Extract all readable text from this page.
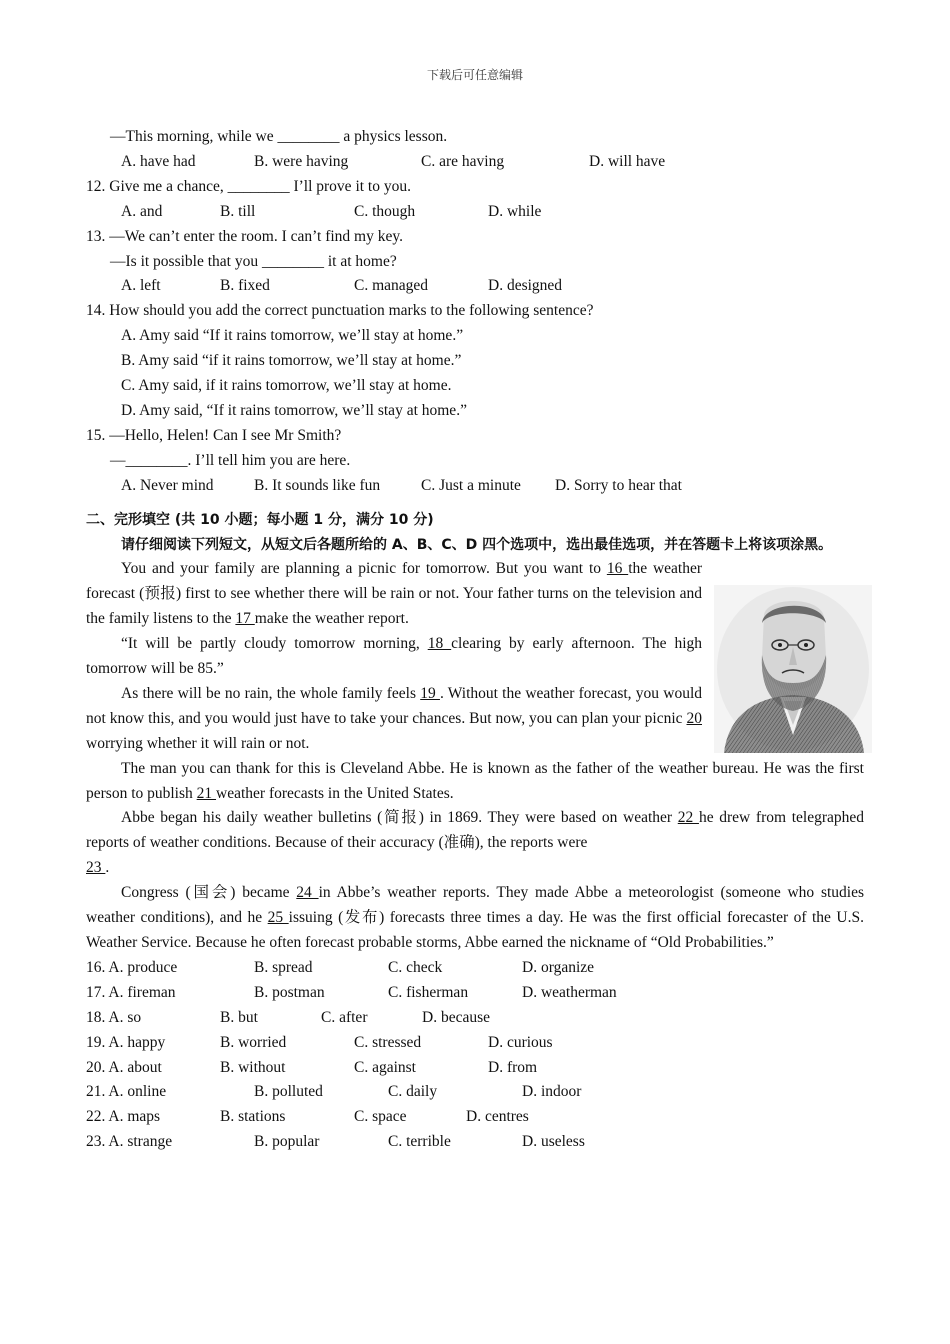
下载后可任意编辑
—This morning, while we ________ a physics lesson.
A. have had	B. were having	C. are having	D. will have
12. Give me a chance, ________ I’ll prove it to you.
A. and	B. till	C. though	D. while
13. —We can’t enter the room. I can’t find my key.
—Is it possible that you ________ it at home?
A. left	B. fixed	C. managed	D. designed
14. How should you add the correct punctuation marks to the following sentence?
A. Amy said “If it rains tomorrow, we’ll stay at home.”
B. Amy said “if it rains tomorrow, we’ll stay at home.”
C. Amy said, if it rains tomorrow, we’ll stay at home.
D. Amy said, “If it rains tomorrow, we’ll stay at home.”
15. —Hello, Helen! Can I see Mr Smith?
—________. I’ll tell him you are here.
A. Never mind	B. It sounds like fun	C. Just a minute D. Sorry to hear that
二、完形填空 (共 10 小题；每小题 1 分，满分 10 分)
请仔细阅读下列短文，从短文后各题所给的 A、B、C、D 四个选项中，选出最佳选项，并在答题卡上将该项涂黑。

You and your family are planning a picnic for tomorrow. But you want to 16 the weather forecast (预报) first to see whether there will be rain or not. Your father turns on the television and the family listens to the 17 make the weather report.

“It will be partly cloudy tomorrow morning, 18 clearing by early afternoon. The high tomorrow will be 85.”

As there will be no rain, the whole family feels 19 . Without the weather forecast, you would not know this, and you would just have to take your chances. But now, you can plan your picnic 20 worrying whether it will rain or not.

The man you can thank for this is Cleveland Abbe. He is known as the father of the weather bureau. He was the first person to publish 21 weather forecasts in the United States.

Abbe began his daily weather bulletins (简报) in 1869. They were based on weather 22 he drew from telegraphed reports of weather conditions. Because of their accuracy (准确), the reports were
23 .

Congress (国会) became 24 in Abbe’s weather reports. They made Abbe a meteorologist (someone who studies weather conditions), and he 25 issuing (发布) forecasts three times a day. He was the first official forecaster of the U.S. Weather Service. Because he often forecast probable storms, Abbe earned the nickname of “Old Probabilities.”

16. A. produce	B. spread	C. check	D. organize
17. A. fireman	B. postman	C. fisherman	D. weatherman
18. A. so	B. but	C. after	D. because
19. A. happy	B. worried	C. stressed	D. curious
20. A. about	B. without	C. against	D. from
21. A. online	B. polluted	C. daily	D. indoor
22. A. maps	B. stations	C. space	D. centres
23. A. strange	B. popular	C. terrible	D. useless
